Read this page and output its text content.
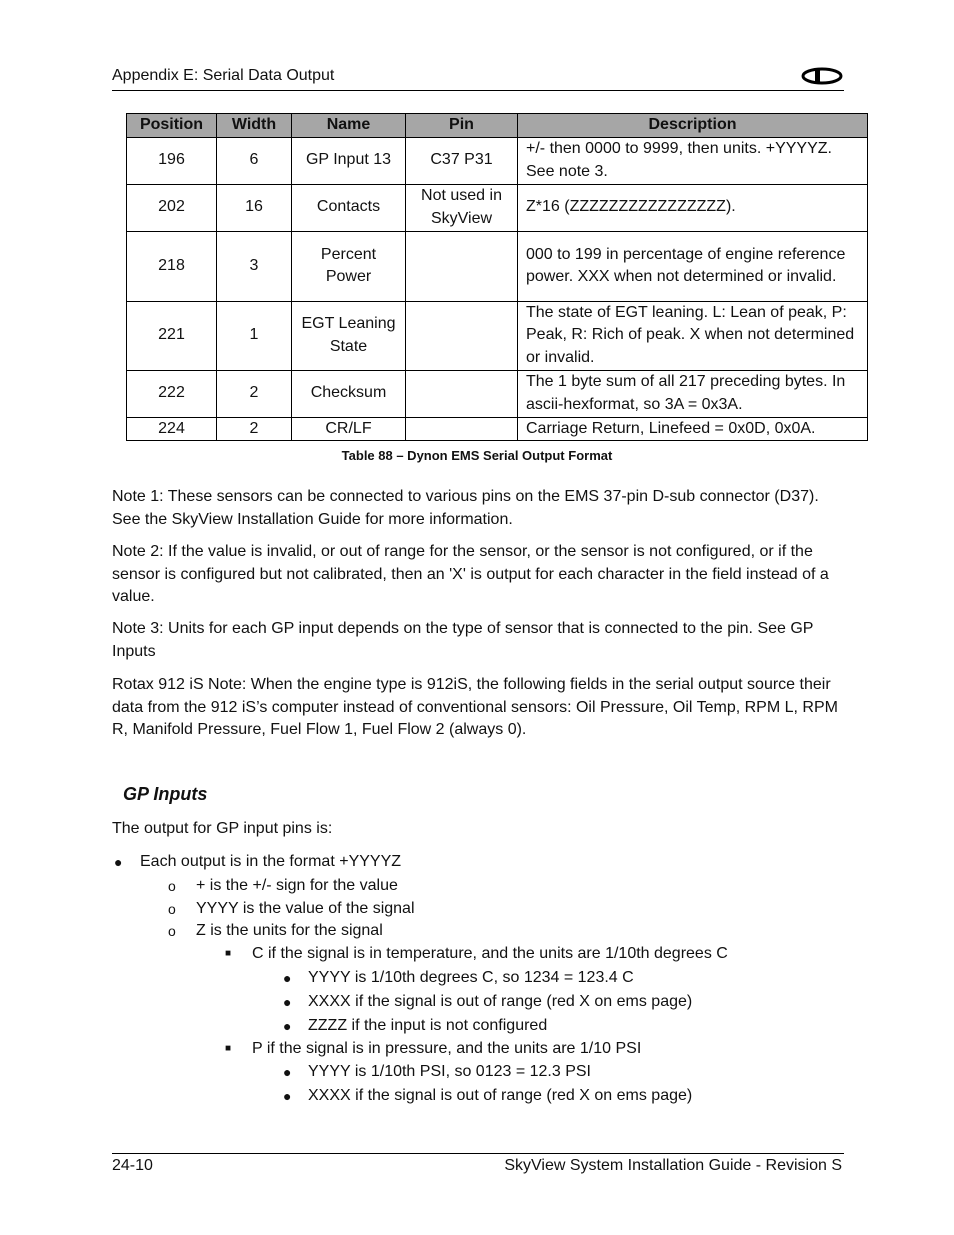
Appendix E: Serial Data Output
Position	Width	Name	Pin	Description
196	6	GP Input 13	C37 P31	+/- then 0000 to 9999, then units. +YYYYZ. See note 3.
202	16	Contacts	Not used in SkyView	Z*16 (ZZZZZZZZZZZZZZZZ).
218	3	Percent Power		000 to 199 in percentage of engine reference power. XXX when not determined or invalid.
221	1	EGT Leaning State		The state of EGT leaning. L: Lean of peak, P: Peak, R: Rich of peak. X when not determined or invalid.
222	2	Checksum		The 1 byte sum of all 217 preceding bytes. In ascii-hexformat, so 3A = 0x3A.
224	2	CR/LF		Carriage Return, Linefeed = 0x0D, 0x0A.
Table 88 – Dynon EMS Serial Output Format

Note 1: These sensors can be connected to various pins on the EMS 37-pin D-sub connector (D37). See the SkyView Installation Guide for more information.

Note 2: If the value is invalid, or out of range for the sensor, or the sensor is not configured, or if the sensor is configured but not calibrated, then an 'X' is output for each character in the field instead of a value.

Note 3: Units for each GP input depends on the type of sensor that is connected to the pin. See GP Inputs

Rotax 912 iS Note: When the engine type is 912iS, the following fields in the serial output source their data from the 912 iS’s computer instead of conventional sensors: Oil Pressure, Oil Temp, RPM L, RPM R, Manifold Pressure, Fuel Flow 1, Fuel Flow 2 (always 0).

GP Inputs
The output for GP input pins is:
● Each output is in the format +YYYYZ
o + is the +/- sign for the value
o YYYY is the value of the signal
o Z is the units for the signal
■ C if the signal is in temperature, and the units are 1/10th degrees C
● YYYY is 1/10th degrees C, so 1234 = 123.4 C
● XXXX if the signal is out of range (red X on ems page)
● ZZZZ if the input is not configured
■ P if the signal is in pressure, and the units are 1/10 PSI
● YYYY is 1/10th PSI, so 0123 = 12.3 PSI
● XXXX if the signal is out of range (red X on ems page)
24-10	SkyView System Installation Guide - Revision S
